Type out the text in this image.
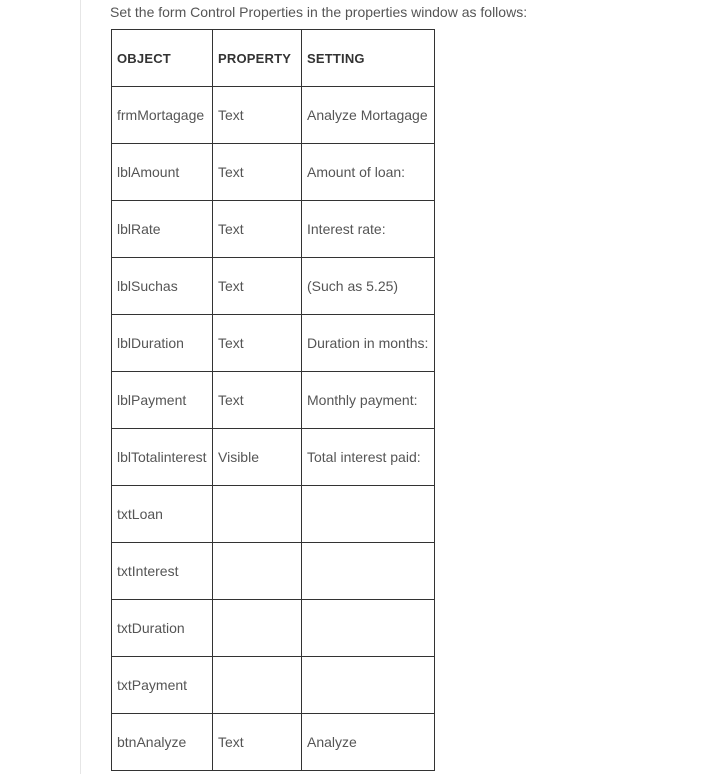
Set the form Control Properties in the properties window as follows:
OBJECT	PROPERTY	SETTING
frmMortagage	Text	Analyze Mortagage
lblAmount	Text	Amount of loan:
lblRate	Text	Interest rate:
lblSuchas	Text	(Such as 5.25)
lblDuration	Text	Duration in months:
lblPayment	Text	Monthly payment:
lblTotalinterest	Visible	Total interest paid:
txtLoan		
txtInterest		
txtDuration		
txtPayment		
btnAnalyze	Text	Analyze
